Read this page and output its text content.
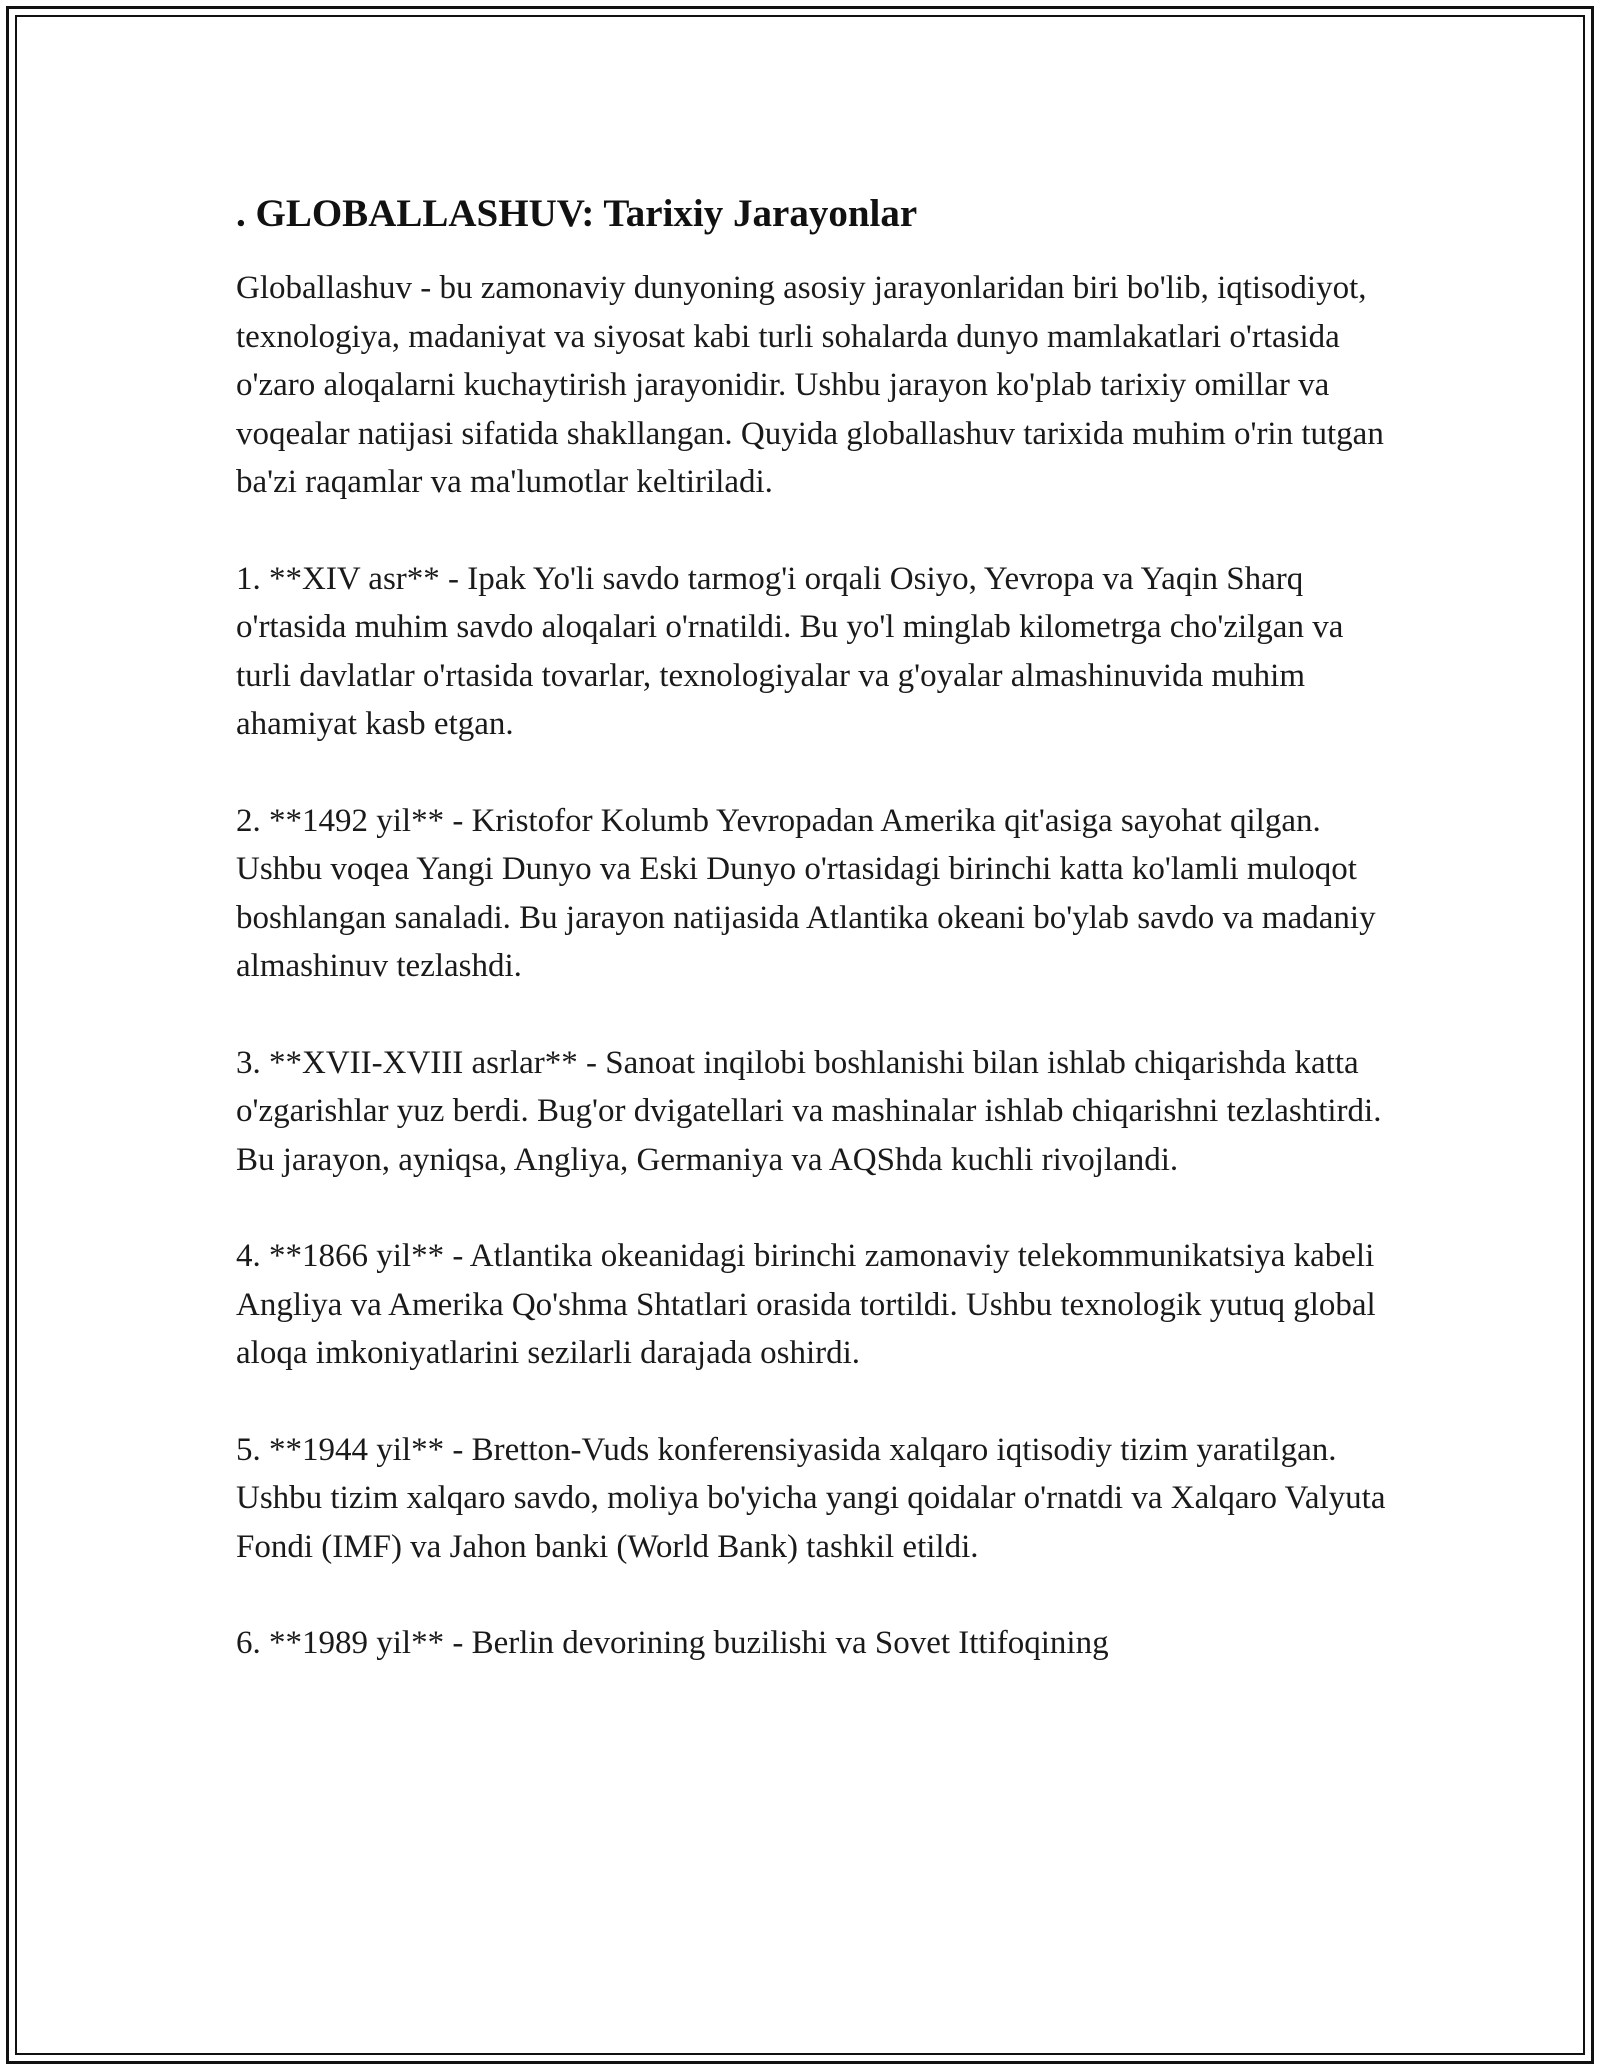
. GLOBALLASHUV: Tarixiy Jarayonlar

Globallashuv - bu zamonaviy dunyoning asosiy jarayonlaridan biri bo'lib, iqtisodiyot, texnologiya, madaniyat va siyosat kabi turli sohalarda dunyo mamlakatlari o'rtasida o'zaro aloqalarni kuchaytirish jarayonidir. Ushbu jarayon ko'plab tarixiy omillar va voqealar natijasi sifatida shakllangan. Quyida globallashuv tarixida muhim o'rin tutgan ba'zi raqamlar va ma'lumotlar keltiriladi.

1. **XIV asr** - Ipak Yo'li savdo tarmog'i orqali Osiyo, Yevropa va Yaqin Sharq o'rtasida muhim savdo aloqalari o'rnatildi. Bu yo'l minglab kilometrga cho'zilgan va turli davlatlar o'rtasida tovarlar, texnologiyalar va g'oyalar almashinuvida muhim ahamiyat kasb etgan.

2. **1492 yil** - Kristofor Kolumb Yevropadan Amerika qit'asiga sayohat qilgan. Ushbu voqea Yangi Dunyo va Eski Dunyo o'rtasidagi birinchi katta ko'lamli muloqot boshlangan sanaladi. Bu jarayon natijasida Atlantika okeani bo'ylab savdo va madaniy almashinuv tezlashdi.

3. **XVII-XVIII asrlar** - Sanoat inqilobi boshlanishi bilan ishlab chiqarishda katta o'zgarishlar yuz berdi. Bug'or dvigatellari va mashinalar ishlab chiqarishni tezlashtirdi. Bu jarayon, ayniqsa, Angliya, Germaniya va AQShda kuchli rivojlandi.

4. **1866 yil** - Atlantika okeanidagi birinchi zamonaviy telekommunikatsiya kabeli Angliya va Amerika Qo'shma Shtatlari orasida tortildi. Ushbu texnologik yutuq global aloqa imkoniyatlarini sezilarli darajada oshirdi.

5. **1944 yil** - Bretton-Vuds konferensiyasida xalqaro iqtisodiy tizim yaratilgan. Ushbu tizim xalqaro savdo, moliya bo'yicha yangi qoidalar o'rnatdi va Xalqaro Valyuta Fondi (IMF) va Jahon banki (World Bank) tashkil etildi.

6. **1989 yil** - Berlin devorining buzilishi va Sovet Ittifoqining
